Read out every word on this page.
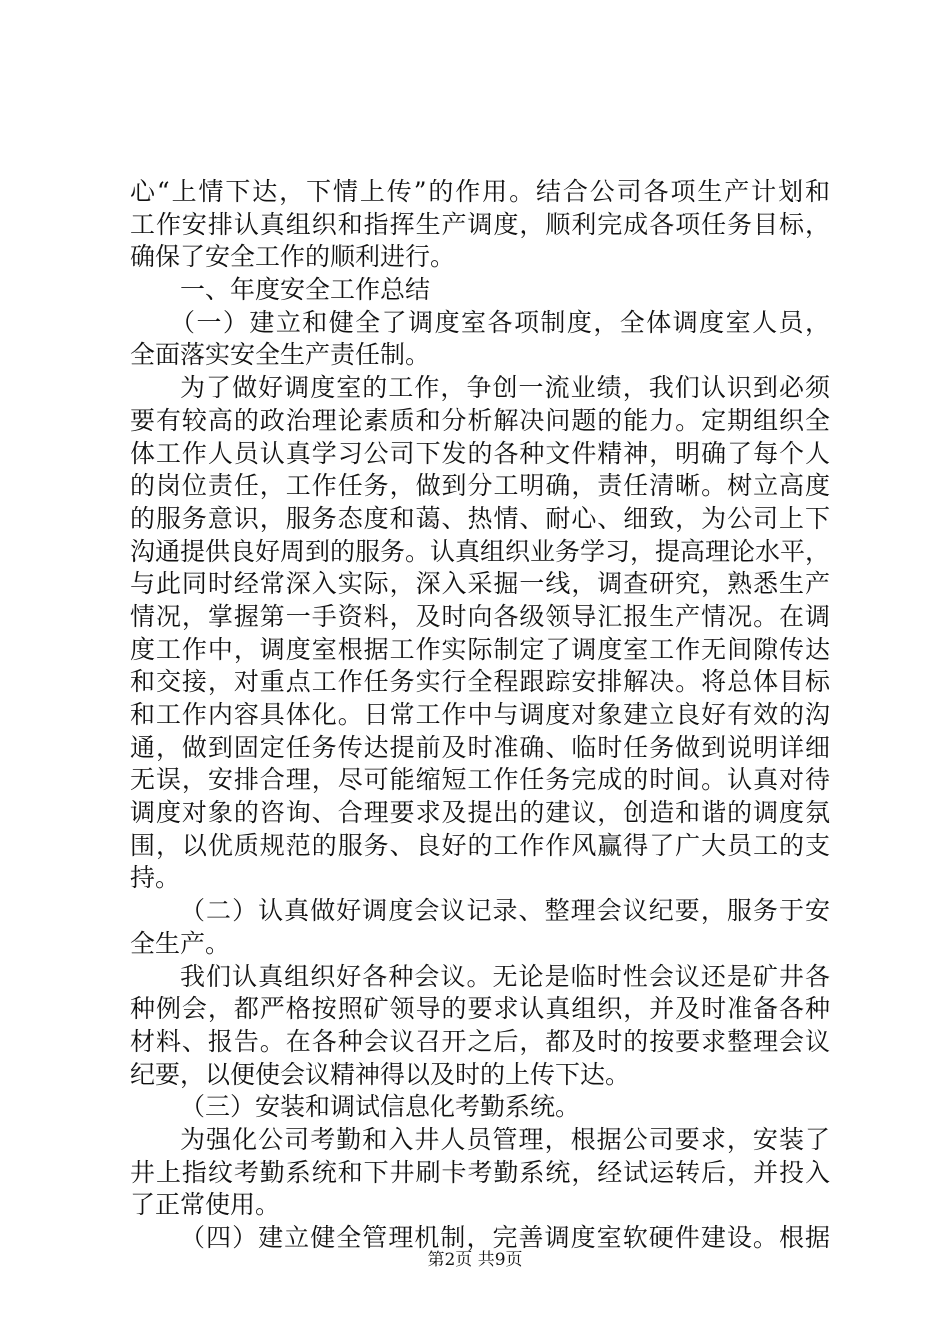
心“上情下达，下情上传”的作用。结合公司各项生产计划和
工作安排认真组织和指挥生产调度，顺利完成各项任务目标，
确保了安全工作的顺利进行。
一、年度安全工作总结
（一）建立和健全了调度室各项制度，全体调度室人员，
全面落实安全生产责任制。
为了做好调度室的工作，争创一流业绩，我们认识到必须
要有较高的政治理论素质和分析解决问题的能力。定期组织全
体工作人员认真学习公司下发的各种文件精神，明确了每个人
的岗位责任，工作任务，做到分工明确，责任清晰。树立高度
的服务意识，服务态度和蔼、热情、耐心、细致，为公司上下
沟通提供良好周到的服务。认真组织业务学习，提高理论水平，
与此同时经常深入实际，深入采掘一线，调查研究，熟悉生产
情况，掌握第一手资料，及时向各级领导汇报生产情况。在调
度工作中，调度室根据工作实际制定了调度室工作无间隙传达
和交接，对重点工作任务实行全程跟踪安排解决。将总体目标
和工作内容具体化。日常工作中与调度对象建立良好有效的沟
通，做到固定任务传达提前及时准确、临时任务做到说明详细
无误，安排合理，尽可能缩短工作任务完成的时间。认真对待
调度对象的咨询、合理要求及提出的建议，创造和谐的调度氛
围，以优质规范的服务、良好的工作作风赢得了广大员工的支
持。
（二）认真做好调度会议记录、整理会议纪要，服务于安
全生产。
我们认真组织好各种会议。无论是临时性会议还是矿井各
种例会，都严格按照矿领导的要求认真组织，并及时准备各种
材料、报告。在各种会议召开之后，都及时的按要求整理会议
纪要，以便使会议精神得以及时的上传下达。
（三）安装和调试信息化考勤系统。
为强化公司考勤和入井人员管理，根据公司要求，安装了
井上指纹考勤系统和下井刷卡考勤系统，经试运转后，并投入
了正常使用。
（四）建立健全管理机制，完善调度室软硬件建设。根据
第2页 共9页
